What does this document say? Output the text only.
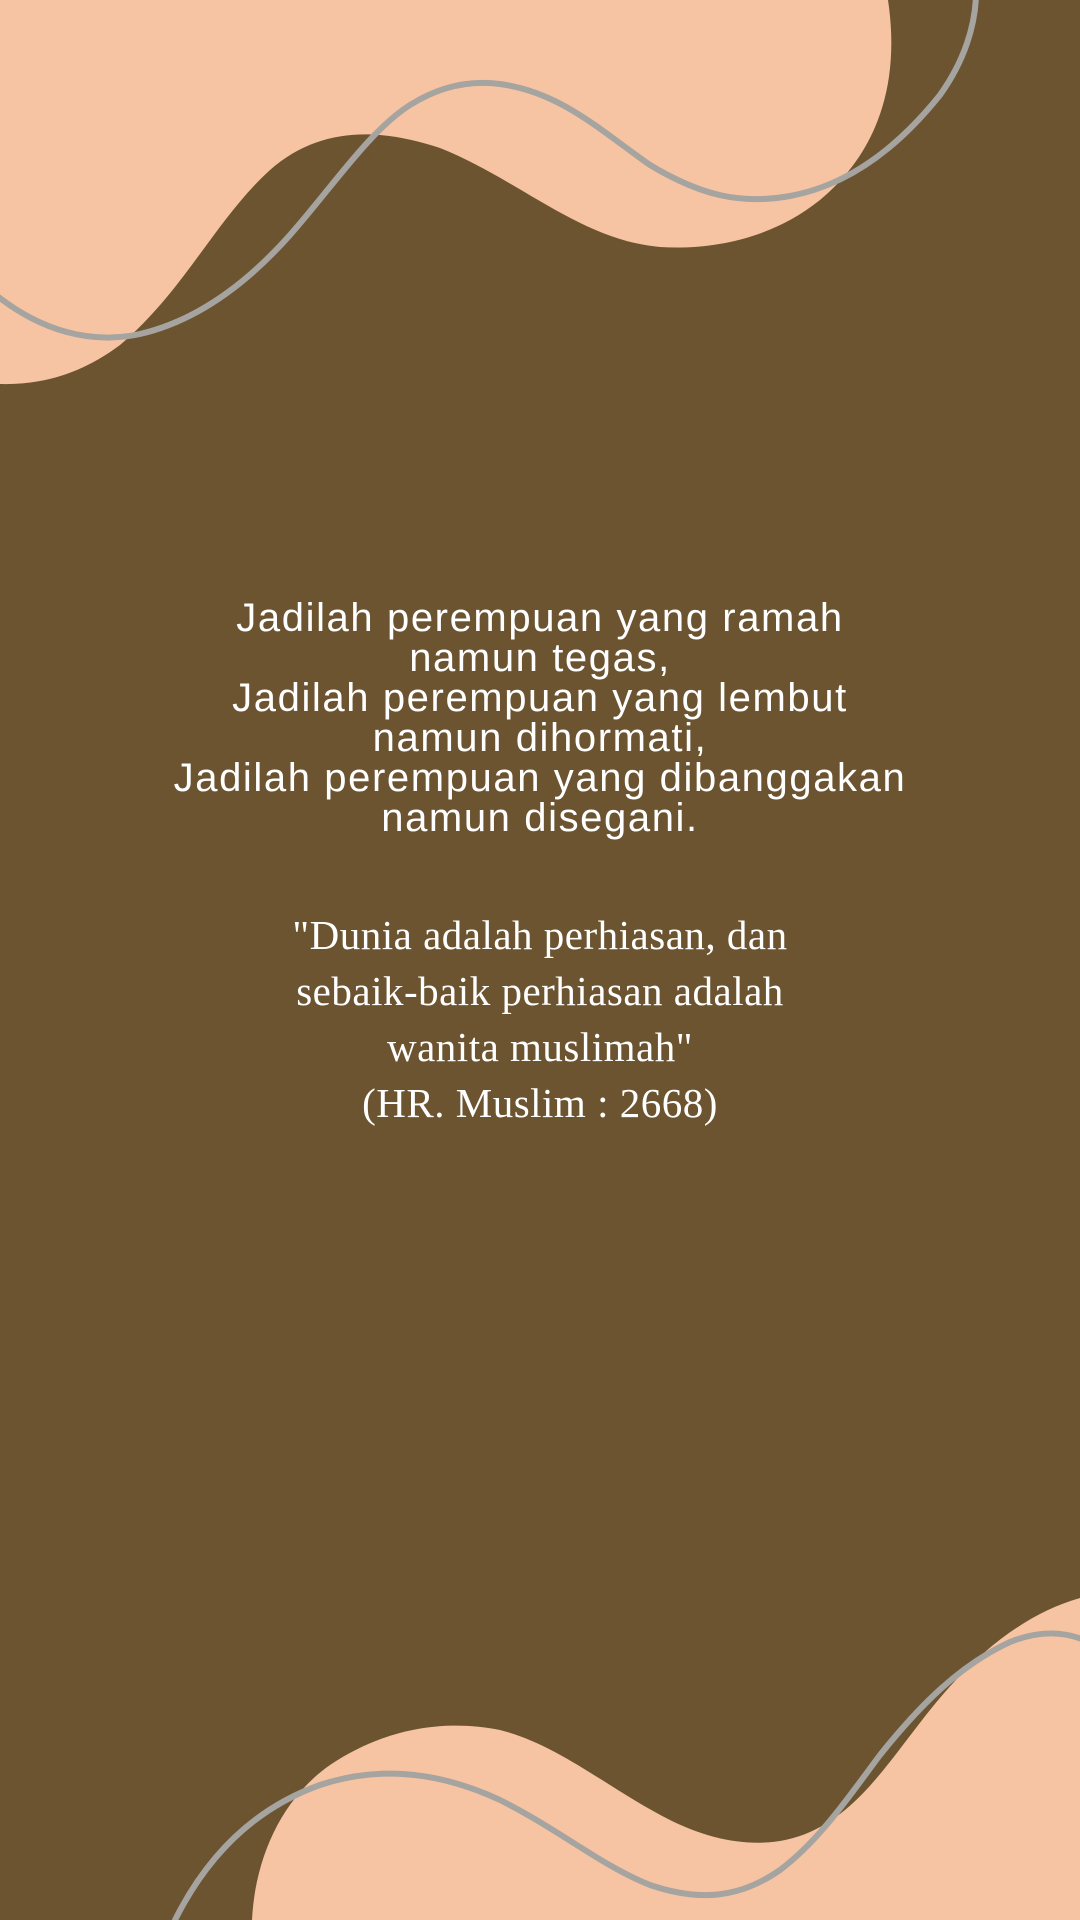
Jadilah perempuan yang ramah
namun tegas,
Jadilah perempuan yang lembut
namun dihormati,
Jadilah perempuan yang dibanggakan
namun disegani.
"Dunia adalah perhiasan, dan
sebaik-baik perhiasan adalah
wanita muslimah"
(HR. Muslim : 2668)
